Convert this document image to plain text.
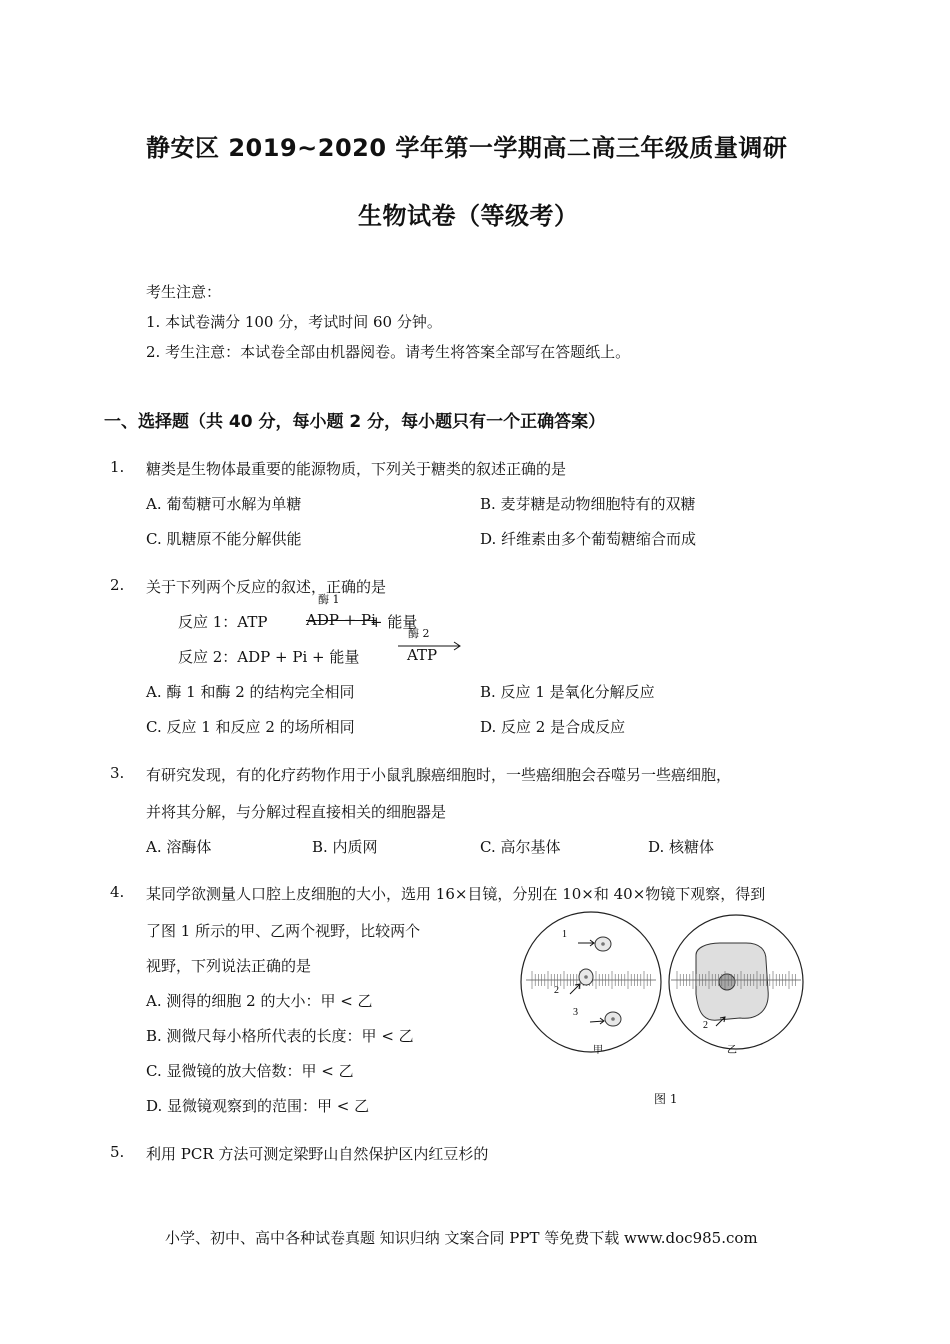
静安区 2019~2020 学年第一学期高二高三年级质量调研
生物试卷（等级考）
考生注意：
1. 本试卷满分 100 分，考试时间 60 分钟。
2. 考生注意：本试卷全部由机器阅卷。请考生将答案全部写在答题纸上。
一、选择题（共 40 分，每小题 2 分，每小题只有一个正确答案）
1. 糖类是生物体最重要的能源物质，下列关于糖类的叙述正确的是
A. 葡萄糖可水解为单糖	B. 麦芽糖是动物细胞特有的双糖
C. 肌糖原不能分解供能	D. 纤维素由多个葡萄糖缩合而成
2. 关于下列两个反应的叙述，正确的是
反应 1：ATP
酶 1
ADP + Pi
+ 能量
反应 2：ADP + Pi + 能量
酶 2
ATP
A. 酶 1 和酶 2 的结构完全相同	B. 反应 1 是氧化分解反应
C. 反应 1 和反应 2 的场所相同	D. 反应 2 是合成反应
3. 有研究发现，有的化疗药物作用于小鼠乳腺癌细胞时，一些癌细胞会吞噬另一些癌细胞，
并将其分解，与分解过程直接相关的细胞器是
A. 溶酶体	B. 内质网	C. 高尔基体	D. 核糖体
4. 某同学欲测量人口腔上皮细胞的大小，选用 16×目镜，分别在 10×和 40×物镜下观察，得到
了图 1 所示的甲、乙两个视野，比较两个
视野，下列说法正确的是
A. 测得的细胞 2 的大小：甲 < 乙
B. 测微尺每小格所代表的长度：甲 < 乙
C. 显微镜的放大倍数：甲 < 乙
D. 显微镜观察到的范围：甲 < 乙
1
2
3
2
甲	乙
图 1
5. 利用 PCR 方法可测定梁野山自然保护区内红豆杉的
小学、初中、高中各种试卷真题 知识归纳 文案合同 PPT 等免费下载 www.doc985.com
